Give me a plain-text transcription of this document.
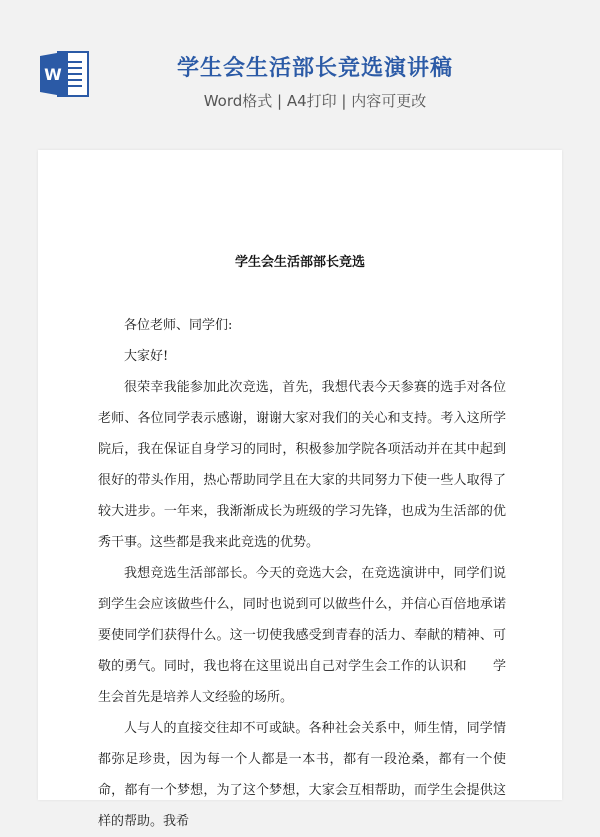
W	学生会生活部长竞选演讲稿
Word格式 | A4打印 | 内容可更改
学生会生活部部长竞选

各位老师、同学们:

大家好!

很荣幸我能参加此次竞选，首先，我想代表今天参赛的选手对各位老师、各位同学表示感谢，谢谢大家对我们的关心和支持。考入这所学院后，我在保证自身学习的同时，积极参加学院各项活动并在其中起到很好的带头作用，热心帮助同学且在大家的共同努力下使一些人取得了较大进步。一年来，我渐渐成长为班级的学习先锋，也成为生活部的优秀干事。这些都是我来此竞选的优势。

我想竞选生活部部长。今天的竞选大会，在竞选演讲中，同学们说到学生会应该做些什么，同时也说到可以做些什么，并信心百倍地承诺要使同学们获得什么。这一切使我感受到青春的活力、奉献的精神、可敬的勇气。同时，我也将在这里说出自己对学生会工作的认识和　　学生会首先是培养人文经验的场所。

人与人的直接交往却不可或缺。各种社会关系中，师生情，同学情都弥足珍贵，因为每一个人都是一本书，都有一段沧桑，都有一个使命，都有一个梦想，为了这个梦想，大家会互相帮助，而学生会提供这样的帮助。我希
